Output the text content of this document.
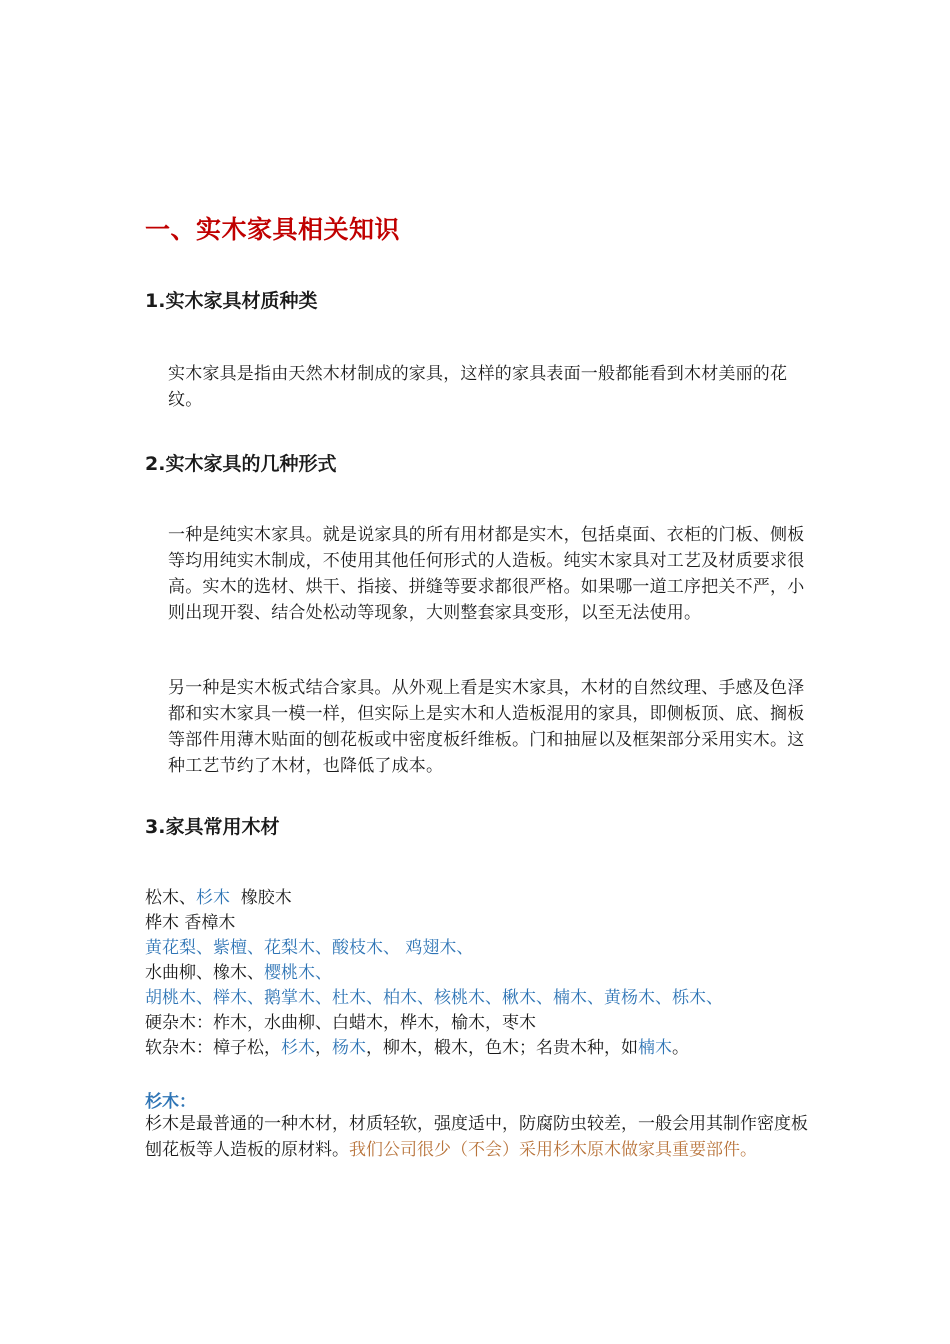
一、实木家具相关知识
1.实木家具材质种类

实木家具是指由天然木材制成的家具，这样的家具表面一般都能看到木材美丽的花纹。

2.实木家具的几种形式

一种是纯实木家具。就是说家具的所有用材都是实木，包括桌面、衣柜的门板、侧板等均用纯实木制成，不使用其他任何形式的人造板。纯实木家具对工艺及材质要求很高。实木的选材、烘干、指接、拼缝等要求都很严格。如果哪一道工序把关不严，小则出现开裂、结合处松动等现象，大则整套家具变形，以至无法使用。

另一种是实木板式结合家具。从外观上看是实木家具，木材的自然纹理、手感及色泽都和实木家具一模一样，但实际上是实木和人造板混用的家具，即侧板顶、底、搁板等部件用薄木贴面的刨花板或中密度板纤维板。门和抽屉以及框架部分采用实木。这种工艺节约了木材，也降低了成本。

3.家具常用木材
松木、杉木  橡胶木
桦木 香樟木
黄花梨、紫檀、花梨木、酸枝木、 鸡翅木、
水曲柳、橡木、樱桃木、
胡桃木、榉木、鹅掌木、杜木、柏木、核桃木、楸木、楠木、黄杨木、栎木、
硬杂木：柞木，水曲柳、白蜡木，桦木，榆木，枣木
软杂木：樟子松，杉木，杨木，柳木，椴木，色木；名贵木种，如楠木。
杉木：

杉木是最普通的一种木材，材质轻软，强度适中，防腐防虫较差，一般会用其制作密度板   刨花板等人造板的原材料。我们公司很少（不会）采用杉木原木做家具重要部件。
